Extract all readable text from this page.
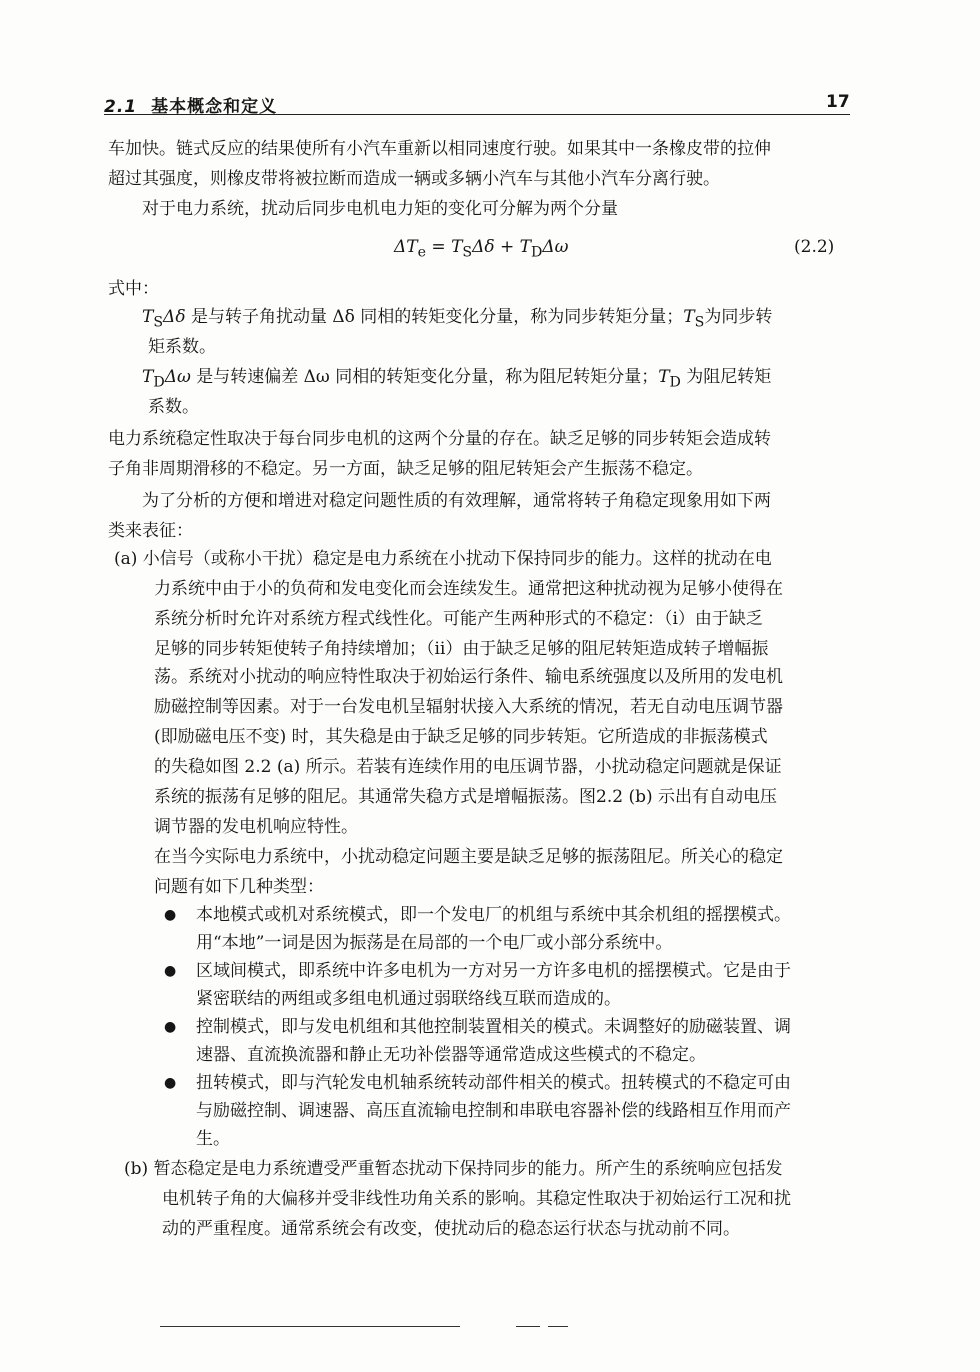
2.1 基本概念和定义	17
车加快。链式反应的结果使所有小汽车重新以相同速度行驶。如果其中一条橡皮带的拉伸
超过其强度，则橡皮带将被拉断而造成一辆或多辆小汽车与其他小汽车分离行驶。
对于电力系统，扰动后同步电机电力矩的变化可分解为两个分量
$\Delta T_e = T_S\Delta\delta + T_D\Delta\omega$	(2.2)
式中：
$T_S\Delta\delta$ 是与转子角扰动量 Δδ 同相的转矩变化分量，称为同步转矩分量；$T_S$为同步转
矩系数。
$T_D\Delta\omega$ 是与转速偏差 Δω 同相的转矩变化分量，称为阻尼转矩分量；$T_D$ 为阻尼转矩
系数。
电力系统稳定性取决于每台同步电机的这两个分量的存在。缺乏足够的同步转矩会造成转
子角非周期滑移的不稳定。另一方面，缺乏足够的阻尼转矩会产生振荡不稳定。
为了分析的方便和增进对稳定问题性质的有效理解，通常将转子角稳定现象用如下两
类来表征：
(a) 小信号（或称小干扰）稳定是电力系统在小扰动下保持同步的能力。这样的扰动在电
力系统中由于小的负荷和发电变化而会连续发生。通常把这种扰动视为足够小使得在
系统分析时允许对系统方程式线性化。可能产生两种形式的不稳定：（ⅰ）由于缺乏
足够的同步转矩使转子角持续增加；（ⅱ）由于缺乏足够的阻尼转矩造成转子增幅振
荡。系统对小扰动的响应特性取决于初始运行条件、输电系统强度以及所用的发电机
励磁控制等因素。对于一台发电机呈辐射状接入大系统的情况，若无自动电压调节器
(即励磁电压不变) 时，其失稳是由于缺乏足够的同步转矩。它所造成的非振荡模式
的失稳如图 2.2 (a) 所示。若装有连续作用的电压调节器，小扰动稳定问题就是保证
系统的振荡有足够的阻尼。其通常失稳方式是增幅振荡。图2.2 (b) 示出有自动电压
调节器的发电机响应特性。
在当今实际电力系统中，小扰动稳定问题主要是缺乏足够的振荡阻尼。所关心的稳定
问题有如下几种类型：
● 本地模式或机对系统模式，即一个发电厂的机组与系统中其余机组的摇摆模式。
用“本地”一词是因为振荡是在局部的一个电厂或小部分系统中。
● 区域间模式，即系统中许多电机为一方对另一方许多电机的摇摆模式。它是由于
紧密联结的两组或多组电机通过弱联络线互联而造成的。
● 控制模式，即与发电机组和其他控制装置相关的模式。未调整好的励磁装置、调
速器、直流换流器和静止无功补偿器等通常造成这些模式的不稳定。
● 扭转模式，即与汽轮发电机轴系统转动部件相关的模式。扭转模式的不稳定可由
与励磁控制、调速器、高压直流输电控制和串联电容器补偿的线路相互作用而产
生。
(b) 暂态稳定是电力系统遭受严重暂态扰动下保持同步的能力。所产生的系统响应包括发
电机转子角的大偏移并受非线性功角关系的影响。其稳定性取决于初始运行工况和扰
动的严重程度。通常系统会有改变，使扰动后的稳态运行状态与扰动前不同。
